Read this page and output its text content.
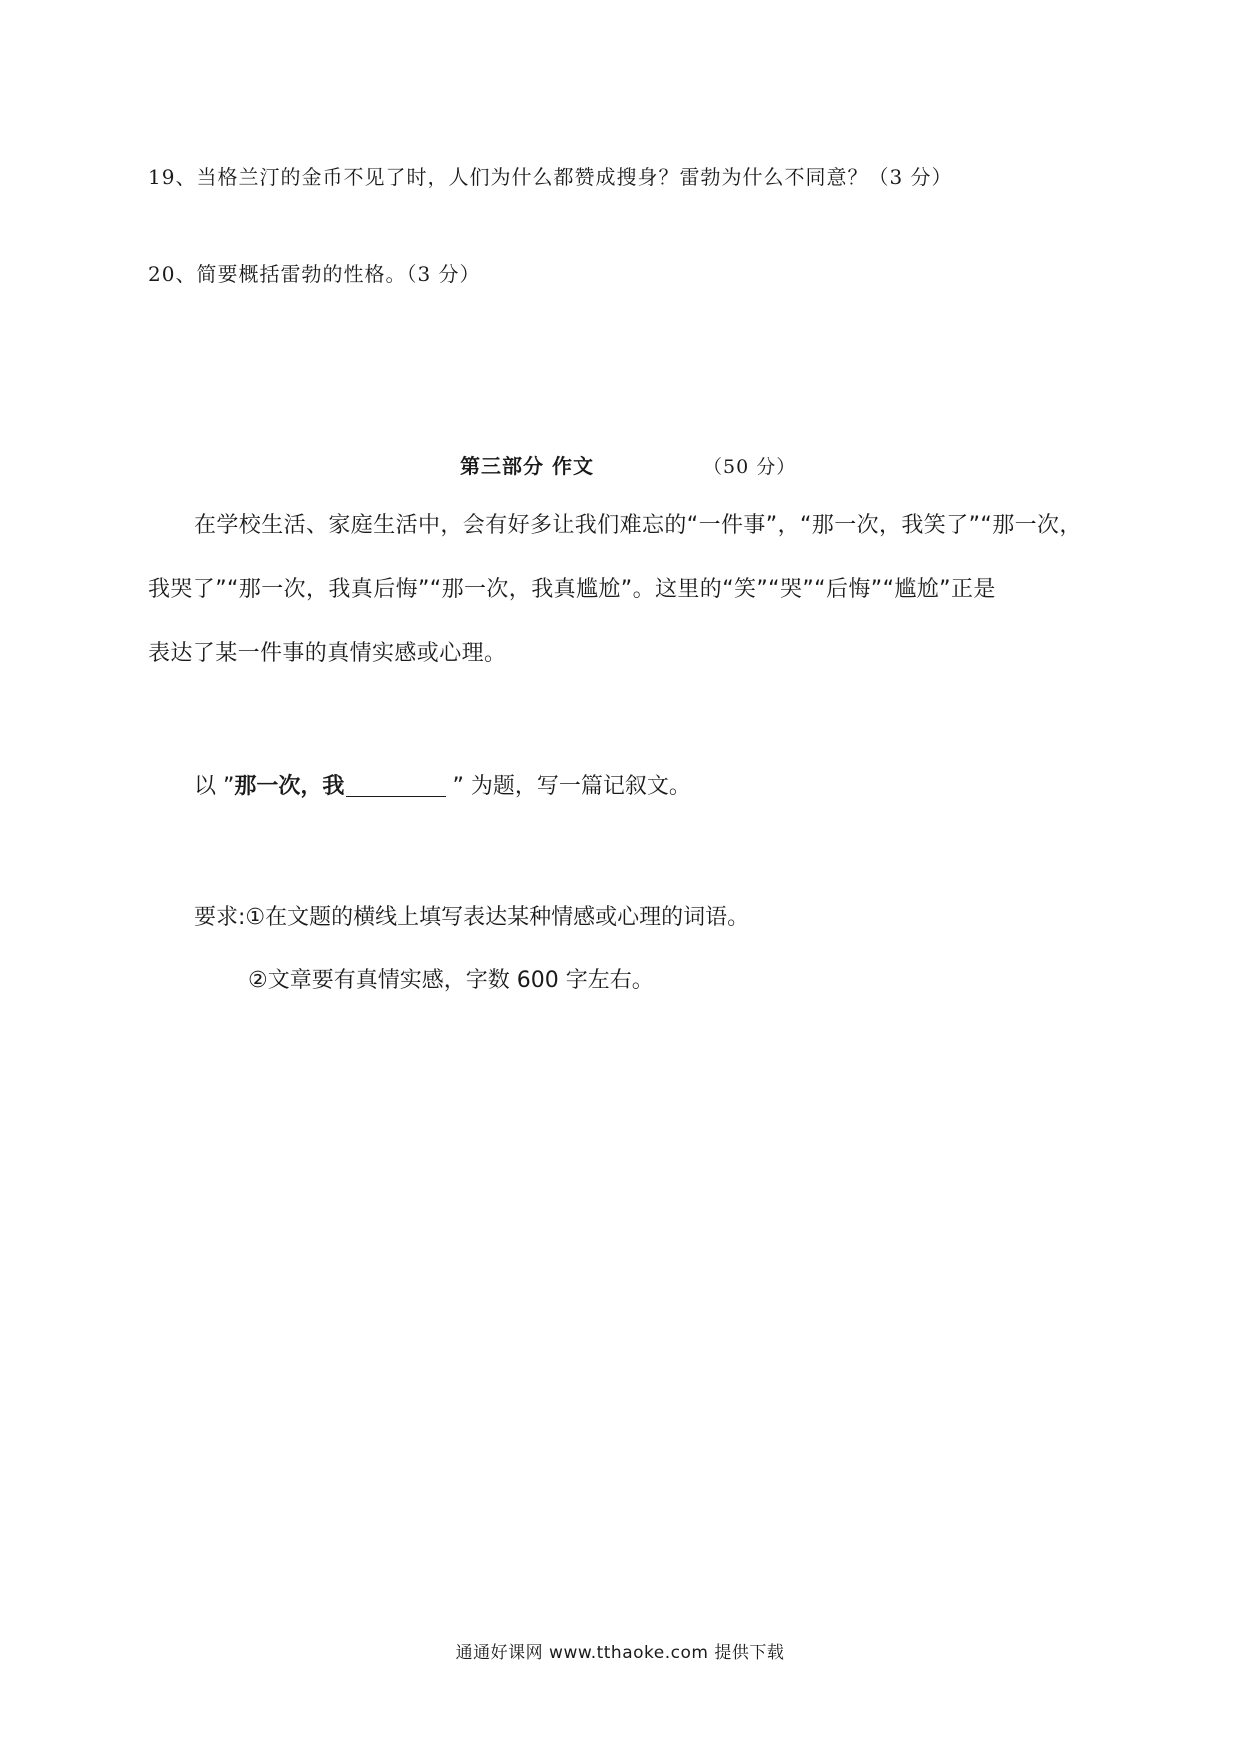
19、当格兰汀的金币不见了时，人们为什么都赞成搜身？雷勃为什么不同意？（3 分）
20、简要概括雷勃的性格。（3 分）
第三部分 作文	（50 分）
在学校生活、家庭生活中，会有好多让我们难忘的“一件事”，“那一次，我笑了”“那一次，
我哭了”“那一次，我真后悔”“那一次，我真尴尬”。这里的“笑”“哭”“后悔”“尴尬”正是
表达了某一件事的真情实感或心理。
以 ”那一次，我	” 为题，写一篇记叙文。
要求:①在文题的横线上填写表达某种情感或心理的词语。
②文章要有真情实感，字数 600 字左右。
通通好课网 www.tthaoke.com 提供下载
